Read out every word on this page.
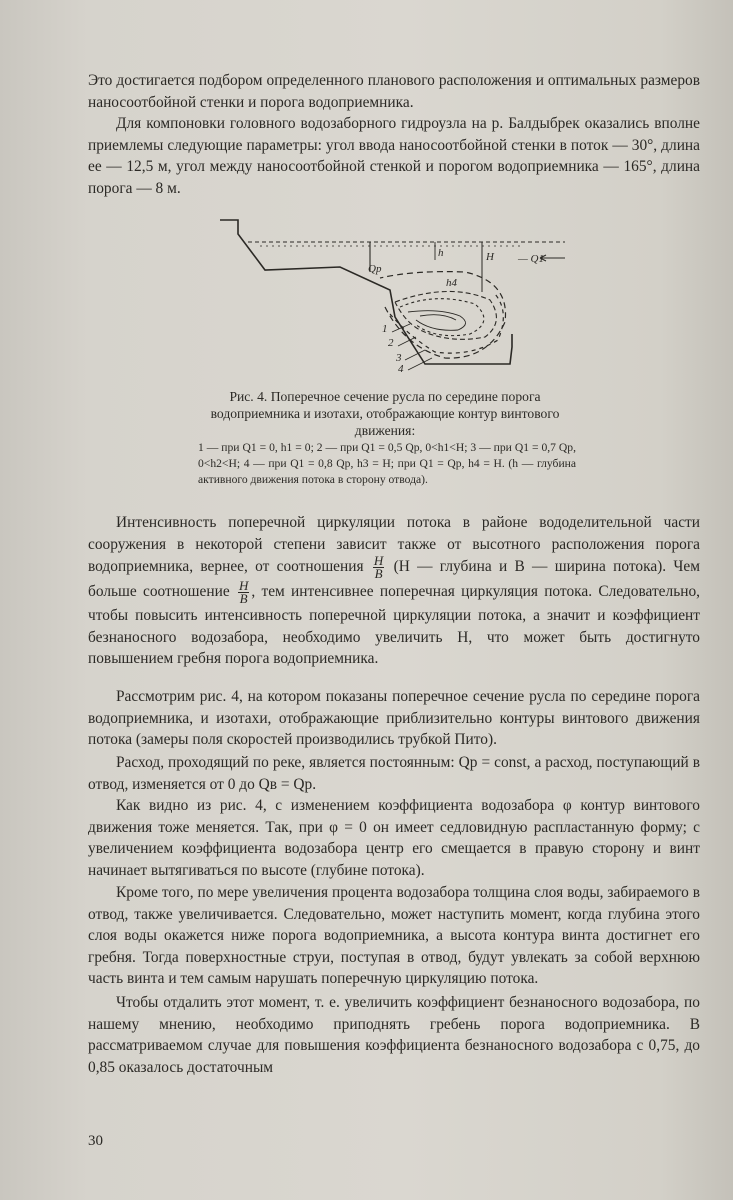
Это достигается подбором определенного планового расположения и оптимальных размеров наносоотбойной стенки и порога водоприемника.

Для компоновки головного водозаборного гидроузла на р. Балдыбрек оказались вполне приемлемы следующие параметры: угол ввода наносоотбойной стенки в поток — 30°, длина ее — 12,5 м, угол между наносоотбойной стенкой и порогом водоприемника — 165°, длина порога — 8 м.

h	H — Q1
Qp
h4
1
2
3
4

Рис. 4. Поперечное сечение русла по середине порога водоприемника и изотахи, отображающие контур винтового движения:

1 — при Q1 = 0, h1 = 0; 2 — при Q1 = 0,5 Qр, 0<h1<H; 3 — при Q1 = 0,7 Qр, 0<h2<H; 4 — при Q1 = 0,8 Qр, h3 = H; при Q1 = Qр, h4 = H. (h — глубина активного движения потока в сторону отвода).

Интенсивность поперечной циркуляции потока в районе вододелительной части сооружения в некоторой степени зависит также от высотного расположения порога водоприемника, вернее, от соотношения $\frac{H}{B} (H$ — глубина и B — ширина потока). Чем больше соотношение $\frac{H}{B}$ , тем интенсивнее поперечная циркуляция потока. Следовательно, чтобы повысить интенсивность поперечной циркуляции потока, а значит и коэффициент безнаносного водозабора, необходимо увеличить H, что может быть достигнуто повышением гребня порога водоприемника.

Рассмотрим рис. 4, на котором показаны поперечное сечение русла по середине порога водоприемника, и изотахи, отображающие приблизительно контуры винтового движения потока (замеры поля скоростей производились трубкой Пито).

Расход, проходящий по реке, является постоянным: Qр = const, а расход, поступающий в отвод, изменяется от 0 до Qв = Qр.

Как видно из рис. 4, с изменением коэффициента водозабора φ контур винтового движения тоже меняется. Так, при φ = 0 он имеет седловидную распластанную форму; с увеличением коэффициента водозабора центр его смещается в правую сторону и винт начинает вытягиваться по высоте (глубине потока).

Кроме того, по мере увеличения процента водозабора толщина слоя воды, забираемого в отвод, также увеличивается. Следовательно, может наступить момент, когда глубина этого слоя воды окажется ниже порога водоприемника, а высота контура винта достигнет его гребня. Тогда поверхностные струи, поступая в отвод, будут увлекать за собой верхнюю часть винта и тем самым нарушать поперечную циркуляцию потока.

Чтобы отдалить этот момент, т. е. увеличить коэффициент безнаносного водозабора, по нашему мнению, необходимо приподнять гребень порога водоприемника. В рассматриваемом случае для повышения коэффициента безнаносного водозабора с 0,75, до 0,85 оказалось достаточным

30
